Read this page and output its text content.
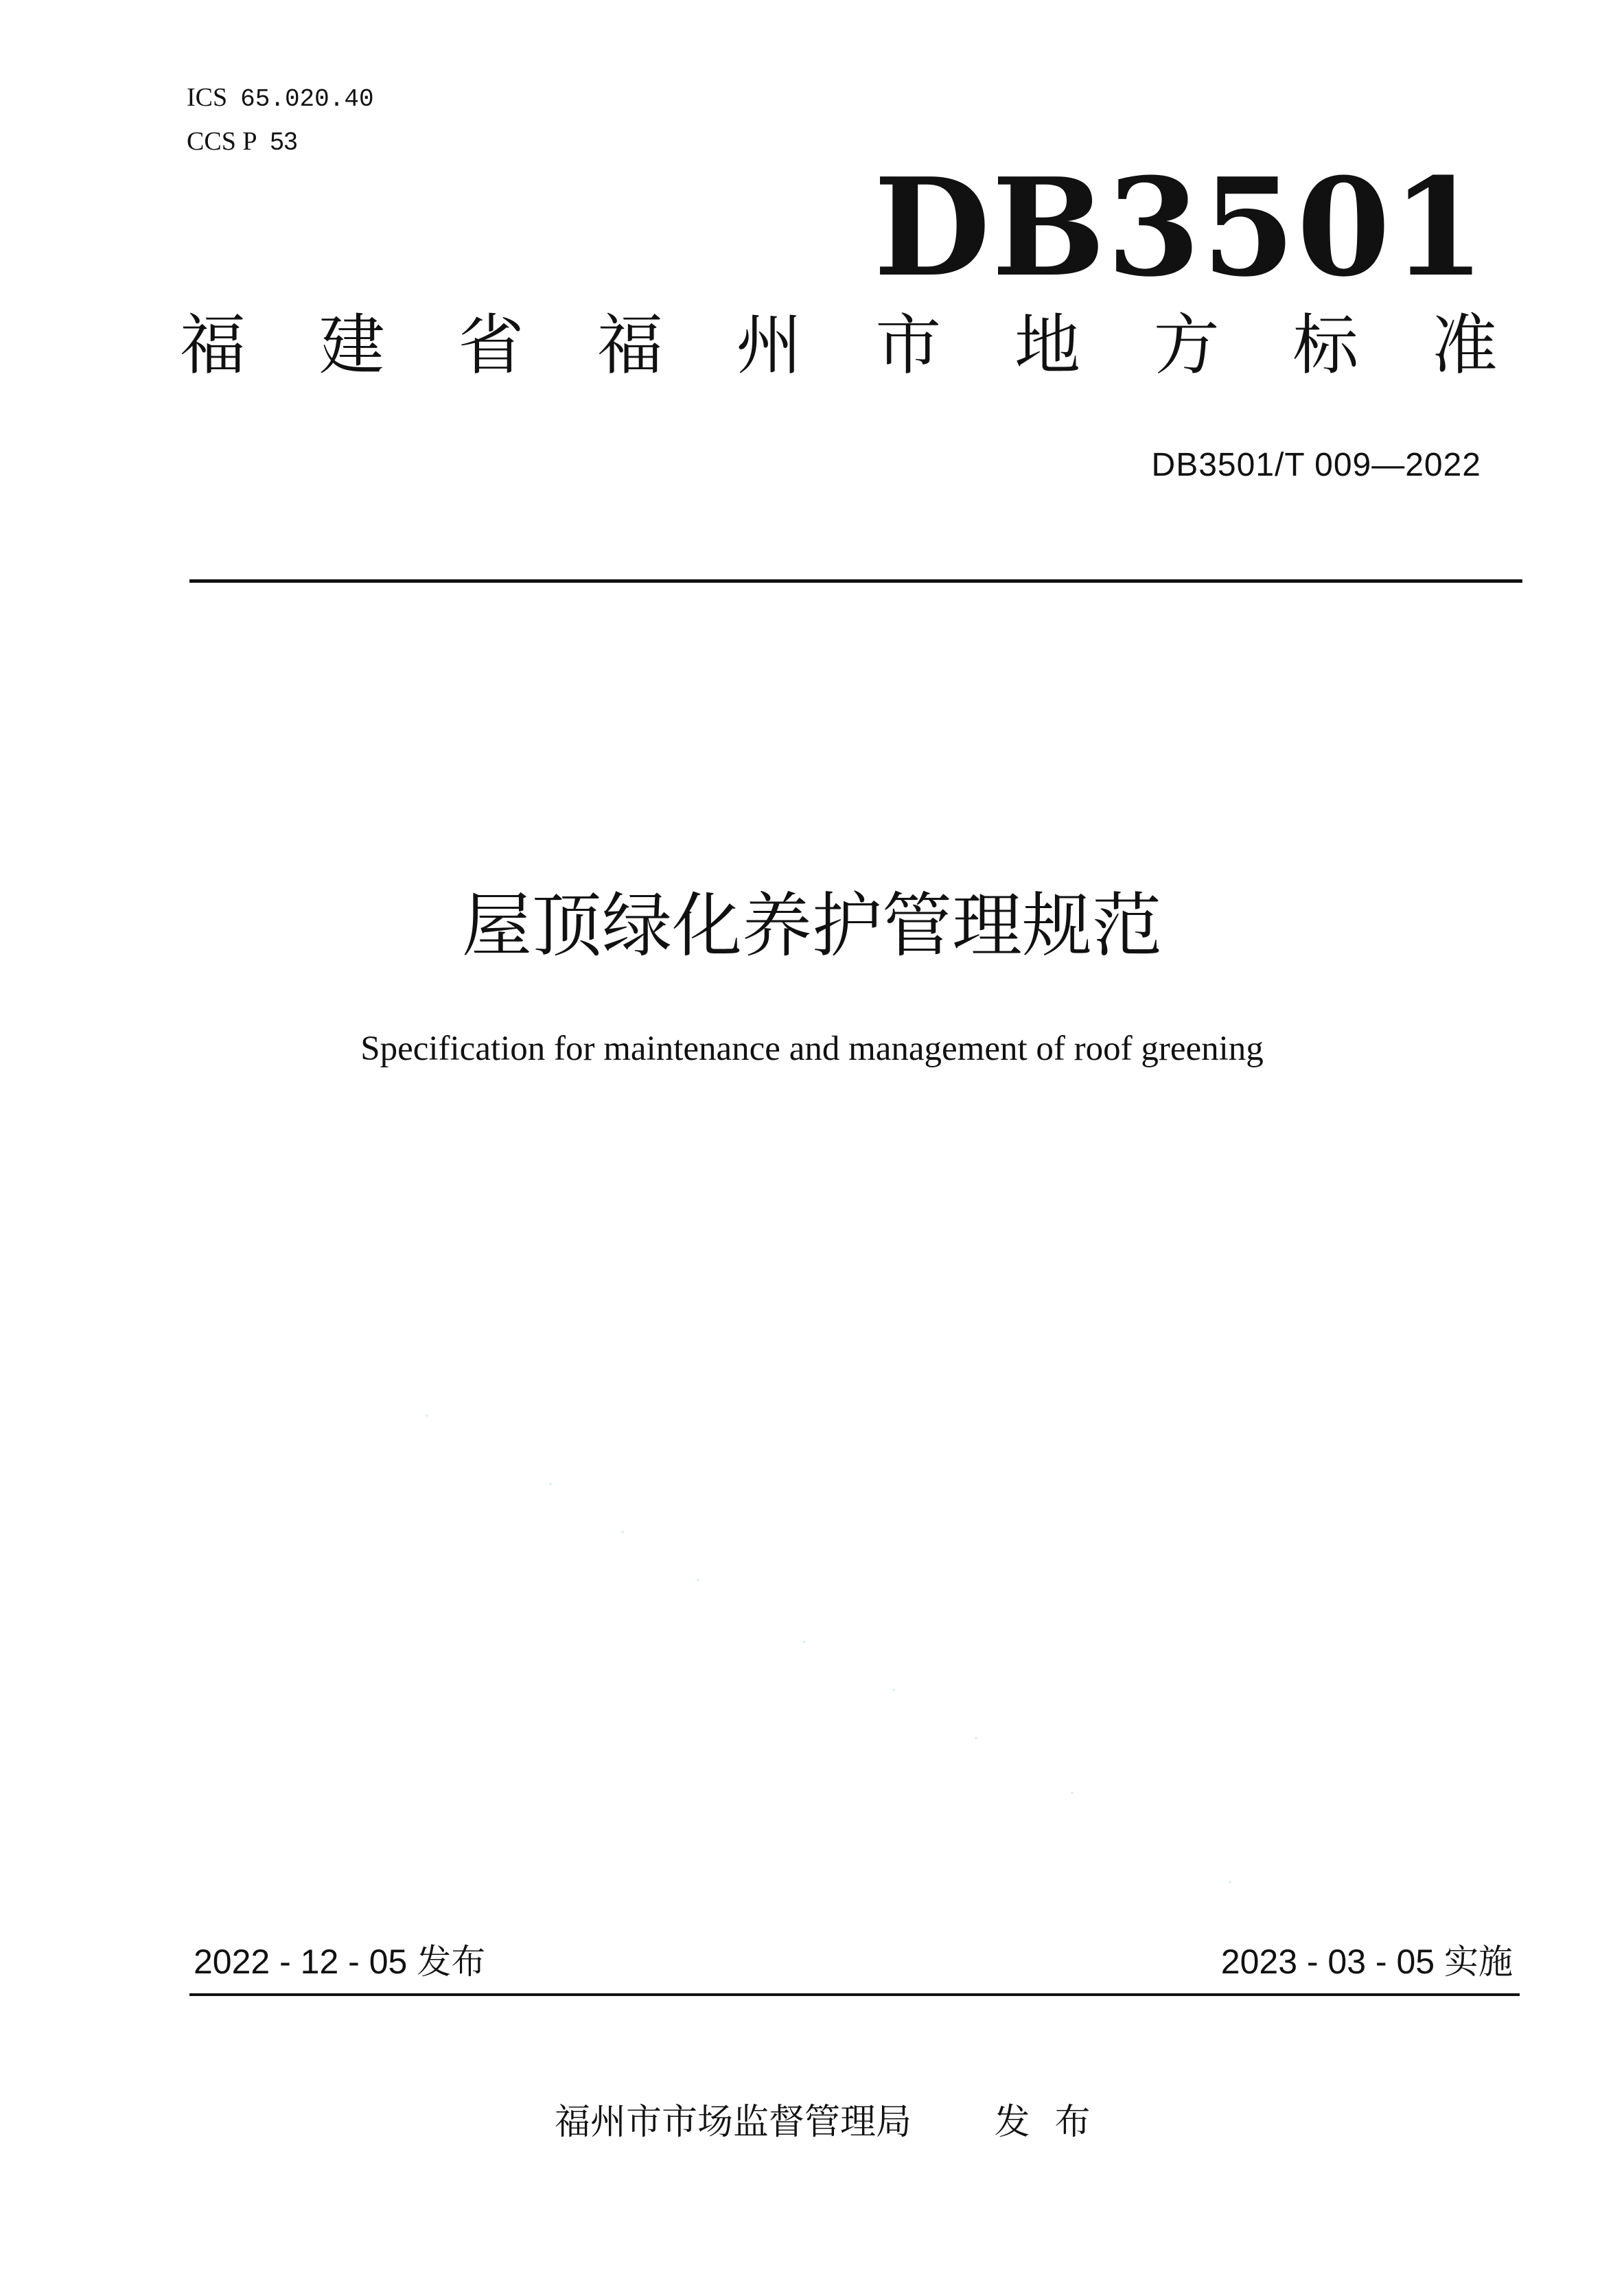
ICS 65.020.40
CCS P 53
DB3501
福 建 省 福 州 市 地 方 标 准
DB3501/T 009—2022
屋顶绿化养护管理规范
Specification for maintenance and management of roof greening
2022 - 12 - 05 发布	2023 - 03 - 05 实施
福州市市场监督管理局 发布
